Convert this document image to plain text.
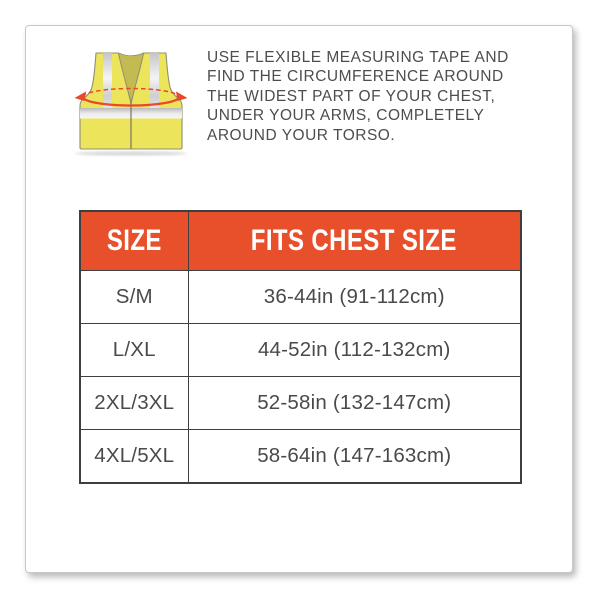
USE FLEXIBLE MEASURING TAPE AND
FIND THE CIRCUMFERENCE AROUND
THE WIDEST PART OF YOUR CHEST,
UNDER YOUR ARMS, COMPLETELY
AROUND YOUR TORSO.
SIZE	FITS CHEST SIZE
S/M	36-44in (91-112cm)
L/XL	44-52in (112-132cm)
2XL/3XL	52-58in (132-147cm)
4XL/5XL	58-64in (147-163cm)
